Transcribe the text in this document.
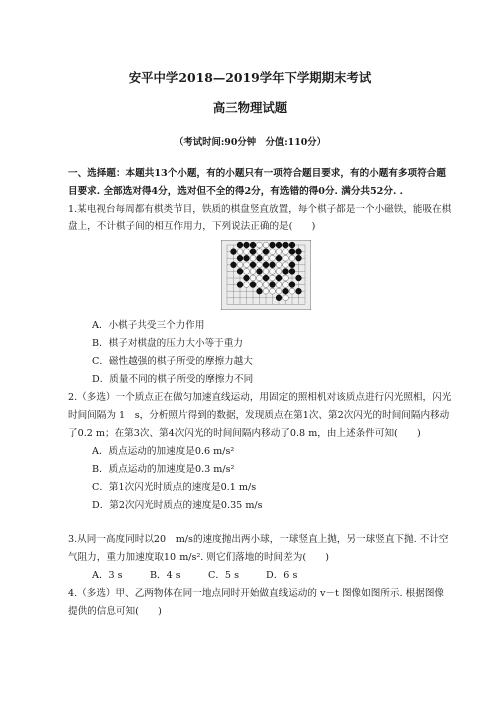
安平中学2018—2019学年下学期期末考试
高三物理试题
（考试时间:90分钟　分值:110分）
一、选择题：本题共13个小题，有的小题只有一项符合题目要求，有的小题有多项符合题
目要求. 全部选对得4分，选对但不全的得2分，有选错的得0分. 满分共52分. .
1.某电视台每周都有棋类节目，铁质的棋盘竖直放置，每个棋子都是一个小磁铁，能吸在棋
盘上，不计棋子间的相互作用力，下列说法正确的是(　　)
A．小棋子共受三个力作用
B．棋子对棋盘的压力大小等于重力
C．磁性越强的棋子所受的摩擦力越大
D．质量不同的棋子所受的摩擦力不同
2.（多选）一个质点正在做匀加速直线运动，用固定的照相机对该质点进行闪光照相，闪光
时间间隔为 1　s，分析照片得到的数据，发现质点在第1次、第2次闪光的时间间隔内移动
了0.2 m；在第3次、第4次闪光的时间间隔内移动了0.8 m，由上述条件可知(　　)
A．质点运动的加速度是0.6 m/s²
B．质点运动的加速度是0.3 m/s²
C．第1次闪光时质点的速度是0.1 m/s
D．第2次闪光时质点的速度是0.35 m/s
3.从同一高度同时以20　m/s的速度抛出两小球，一球竖直上抛，另一球竖直下抛. 不计空
气阻力，重力加速度取10 m/s². 则它们落地的时间差为(　　)
A．3 s	B．4 s	C．5 s	D．6 s
4.（多选）甲、乙两物体在同一地点同时开始做直线运动的 v－t 图像如图所示. 根据图像
提供的信息可知(　　)
